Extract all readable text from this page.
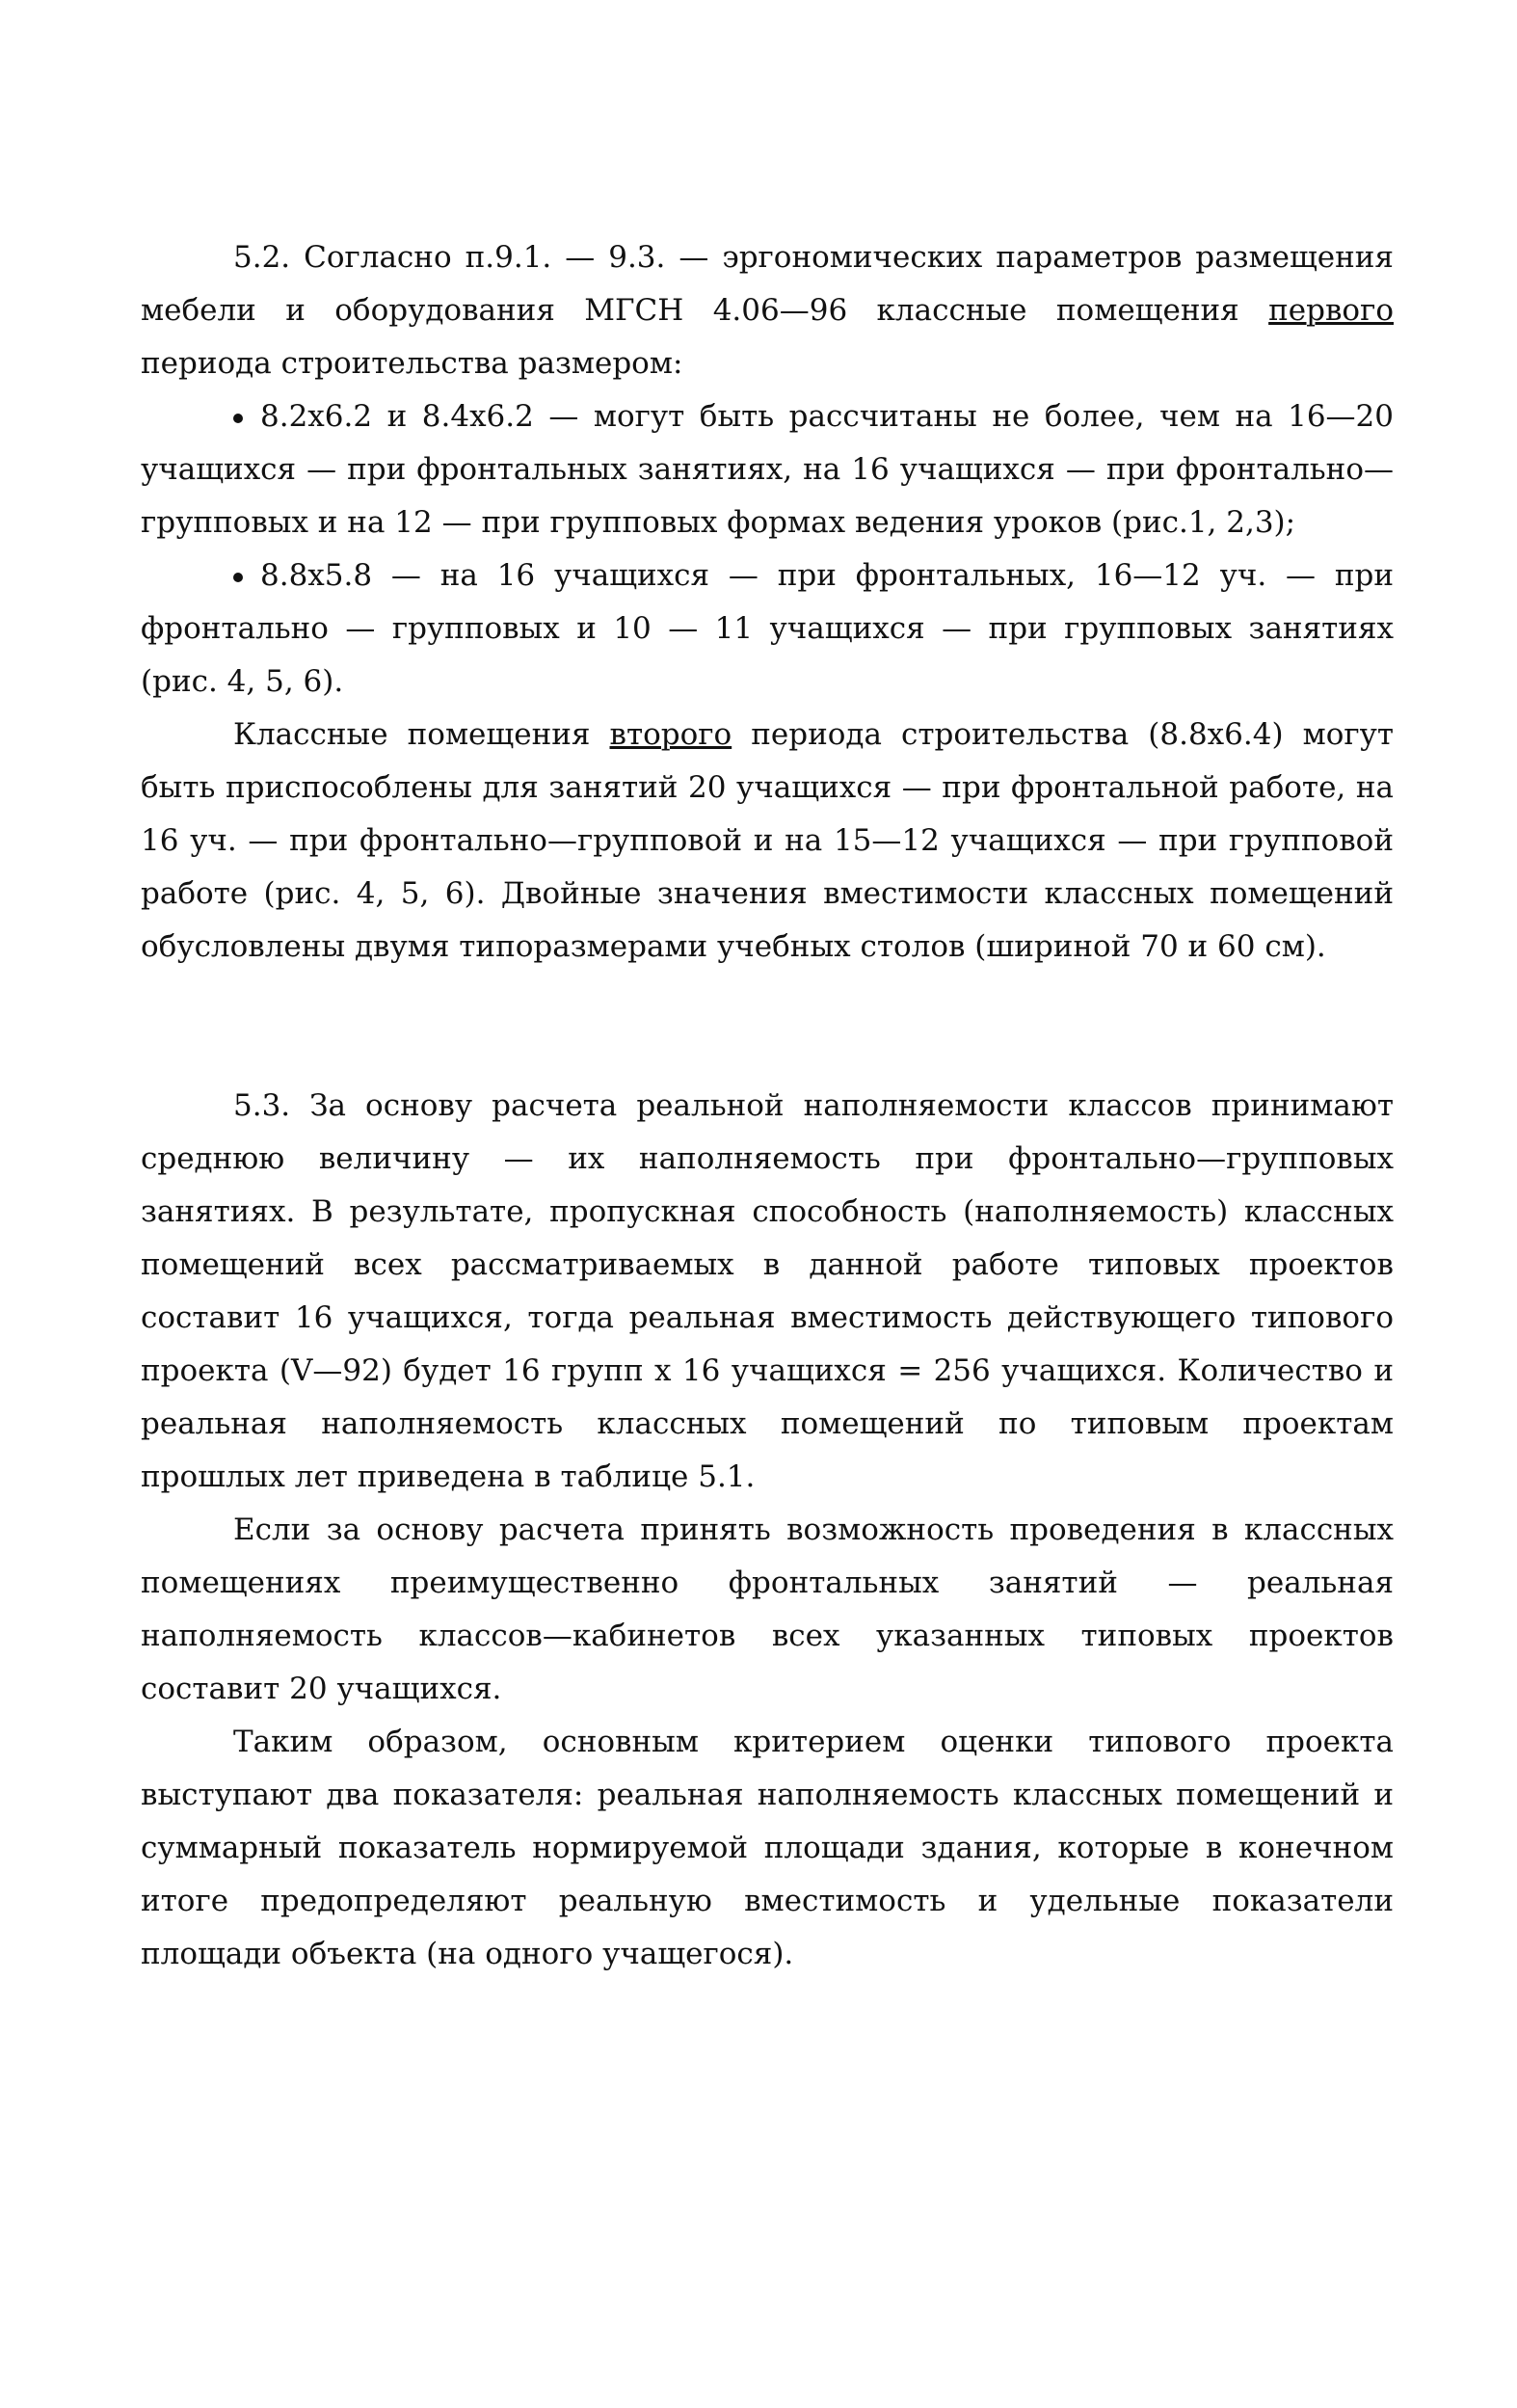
5.2. Согласно п.9.1. — 9.3. — эргономических параметров размещения мебели и оборудования МГСН 4.06—96 классные помещения первого периода строительства размером:

8.2х6.2 и 8.4х6.2 — могут быть рассчитаны не более, чем на 16—20 учащихся — при фронтальных занятиях, на 16 учащихся — при фронтально—групповых и на 12 — при групповых формах ведения уроков (рис.1, 2,3);

8.8х5.8 — на 16 учащихся — при фронтальных, 16—12 уч. — при фронтально — групповых и 10 — 11 учащихся — при групповых занятиях (рис. 4, 5, 6).

Классные помещения второго периода строительства (8.8х6.4) могут быть приспособлены для занятий 20 учащихся — при фронтальной работе, на 16 уч. — при фронтально—групповой и на 15—12 учащихся — при групповой работе (рис. 4, 5, 6). Двойные значения вместимости классных помещений обусловлены двумя типоразмерами учебных столов (шириной 70 и 60 см).

5.3. За основу расчета реальной наполняемости классов принимают среднюю величину — их наполняемость при фронтально—групповых занятиях. В результате, пропускная способность (наполняемость) классных помещений всех рассматриваемых в данной работе типовых проектов составит 16 учащихся, тогда реальная вместимость действующего типового проекта (V—92) будет 16 групп х 16 учащихся = 256 учащихся. Количество и реальная наполняемость классных помещений по типовым проектам прошлых лет приведена в таблице 5.1.

Если за основу расчета принять возможность проведения в классных помещениях преимущественно фронтальных занятий — реальная наполняемость классов—кабинетов всех указанных типовых проектов составит 20 учащихся.

Таким образом, основным критерием оценки типового проекта выступают два показателя: реальная наполняемость классных помещений и суммарный показатель нормируемой площади здания, которые в конечном итоге предопределяют реальную вместимость и удельные показатели площади объекта (на одного учащегося).
